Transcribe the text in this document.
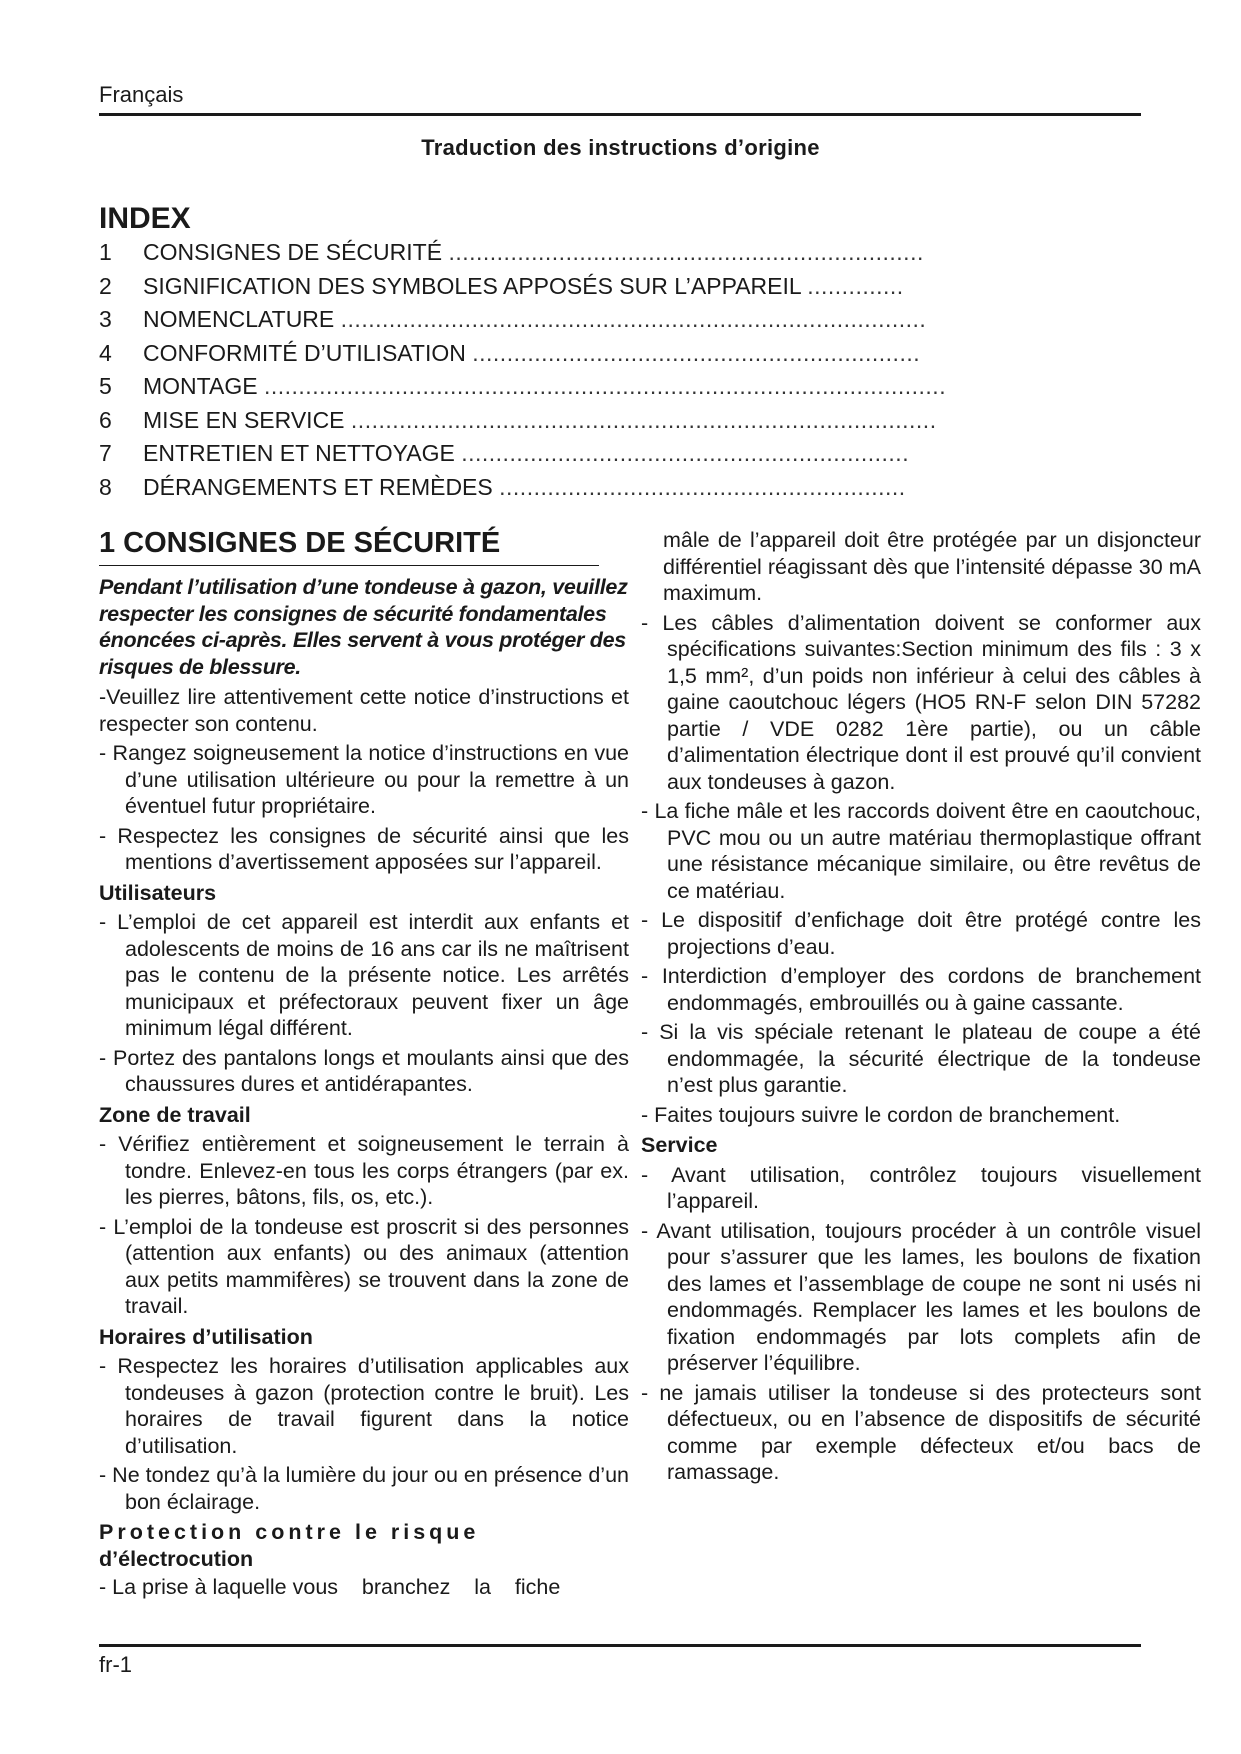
Français
Traduction des instructions d’origine
INDEX
1 CONSIGNES DE SÉCURITÉ .....................................................................
2 SIGNIFICATION DES SYMBOLES APPOSÉS SUR L’APPAREIL ..............
3 NOMENCLATURE .....................................................................................
4 CONFORMITÉ D’UTILISATION .................................................................
5 MONTAGE ...................................................................................................
6 MISE EN SERVICE .....................................................................................
7 ENTRETIEN ET NETTOYAGE .................................................................
8 DÉRANGEMENTS ET REMÈDES ...........................................................
1 CONSIGNES DE SÉCURITÉ
Pendant l’utilisation d’une tondeuse à gazon, veuillez respecter les consignes de sécurité fondamentales énoncées ci-après. Elles servent à vous protéger des risques de blessure.
-Veuillez lire attentivement cette notice d’instructions et respecter son contenu.
- Rangez soigneusement la notice d’instructions en vue d’une utilisation ultérieure ou pour la remettre à un éventuel futur propriétaire.
- Respectez les consignes de sécurité ainsi que les mentions d’avertissement apposées sur l’appareil.
Utilisateurs
- L’emploi de cet appareil est interdit aux enfants et adolescents de moins de 16 ans car ils ne maîtrisent pas le contenu de la présente notice. Les arrêtés municipaux et préfectoraux peuvent fixer un âge minimum légal différent.
- Portez des pantalons longs et moulants ainsi que des chaussures dures et antidérapantes.
Zone de travail
- Vérifiez entièrement et soigneusement le terrain à tondre. Enlevez-en tous les corps étrangers (par ex. les pierres, bâtons, fils, os, etc.).
- L’emploi de la tondeuse est proscrit si des personnes (attention aux enfants) ou des animaux (attention aux petits mammifères) se trouvent dans la zone de travail.
Horaires d’utilisation
- Respectez les horaires d’utilisation applicables aux tondeuses à gazon (protection contre le bruit). Les horaires de travail figurent dans la notice d’utilisation.
- Ne tondez qu’à la lumière du jour ou en présence d’un bon éclairage.
Protection contre le risque
d’électrocution
- La prise à laquelle vous    branchez    la    fiche
mâle de l’appareil doit être protégée par un disjoncteur différentiel réagissant dès que l’intensité dépasse 30 mA maximum.
- Les câbles d’alimentation doivent se conformer aux spécifications suivantes:Section minimum des fils : 3 x 1,5 mm², d’un poids non inférieur à celui des câbles à gaine caoutchouc légers (HO5 RN-F selon DIN 57282 partie / VDE 0282 1ère partie), ou un câble d’alimentation électrique dont il est prouvé qu’il convient aux tondeuses à gazon.
- La fiche mâle et les raccords doivent être en caoutchouc, PVC mou ou un autre matériau thermoplastique offrant une résistance mécanique similaire, ou être revêtus de ce matériau.
- Le dispositif d’enfichage doit être protégé contre les projections d’eau.
- Interdiction d’employer des cordons de branchement endommagés, embrouillés ou à gaine cassante.
- Si la vis spéciale retenant le plateau de coupe a été endommagée, la sécurité électrique de la tondeuse n’est plus garantie.
- Faites toujours suivre le cordon de branchement.
Service
- Avant utilisation, contrôlez toujours visuellement l’appareil.
- Avant utilisation, toujours procéder à un contrôle visuel pour s’assurer que les lames, les boulons de fixation des lames et l’assemblage de coupe ne sont ni usés ni endommagés. Remplacer les lames et les boulons de fixation endommagés par lots complets afin de préserver l’équilibre.
- ne jamais utiliser la tondeuse si des protecteurs sont défectueux, ou en l’absence de dispositifs de sécurité comme par exemple défecteux et/ou bacs de ramassage.
fr-1
